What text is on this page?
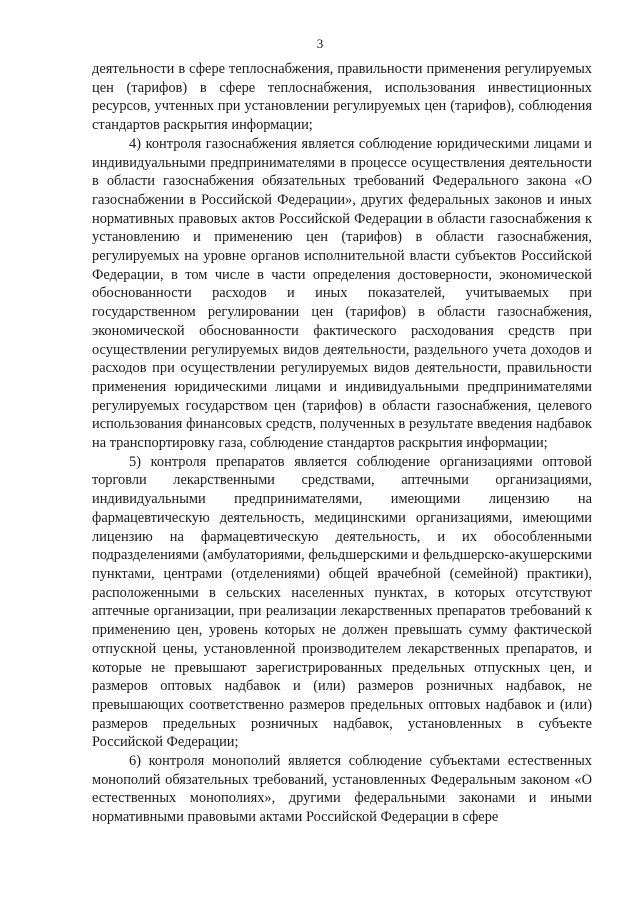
3

деятельности в сфере теплоснабжения, правильности применения регулируемых цен (тарифов) в сфере теплоснабжения, использования инвестиционных ресурсов, учтенных при установлении регулируемых цен (тарифов), соблюдения стандартов раскрытия информации;

4) контроля газоснабжения является соблюдение юридическими лицами и индивидуальными предпринимателями в процессе осуществления деятельности в области газоснабжения обязательных требований Федерального закона «О газоснабжении в Российской Федерации», других федеральных законов и иных нормативных правовых актов Российской Федерации в области газоснабжения к установлению и применению цен (тарифов) в области газоснабжения, регулируемых на уровне органов исполнительной власти субъектов Российской Федерации, в том числе в части определения достоверности, экономической обоснованности расходов и иных показателей, учитываемых при государственном регулировании цен (тарифов) в области газоснабжения, экономической обоснованности фактического расходования средств при осуществлении регулируемых видов деятельности, раздельного учета доходов и расходов при осуществлении регулируемых видов деятельности, правильности применения юридическими лицами и индивидуальными предпринимателями регулируемых государством цен (тарифов) в области газоснабжения, целевого использования финансовых средств, полученных в результате введения надбавок на транспортировку газа, соблюдение стандартов раскрытия информации;

5) контроля препаратов является соблюдение организациями оптовой торговли лекарственными средствами, аптечными организациями, индивидуальными предпринимателями, имеющими лицензию на фармацевтическую деятельность, медицинскими организациями, имеющими лицензию на фармацевтическую деятельность, и их обособленными подразделениями (амбулаториями, фельдшерскими и фельдшерско-акушерскими пунктами, центрами (отделениями) общей врачебной (семейной) практики), расположенными в сельских населенных пунктах, в которых отсутствуют аптечные организации, при реализации лекарственных препаратов требований к применению цен, уровень которых не должен превышать сумму фактической отпускной цены, установленной производителем лекарственных препаратов, и которые не превышают зарегистрированных предельных отпускных цен, и размеров оптовых надбавок и (или) размеров розничных надбавок, не превышающих соответственно размеров предельных оптовых надбавок и (или) размеров предельных розничных надбавок, установленных в субъекте Российской Федерации;

6) контроля монополий является соблюдение субъектами естественных монополий обязательных требований, установленных Федеральным законом «О естественных монополиях», другими федеральными законами и иными нормативными правовыми актами Российской Федерации в сфере
